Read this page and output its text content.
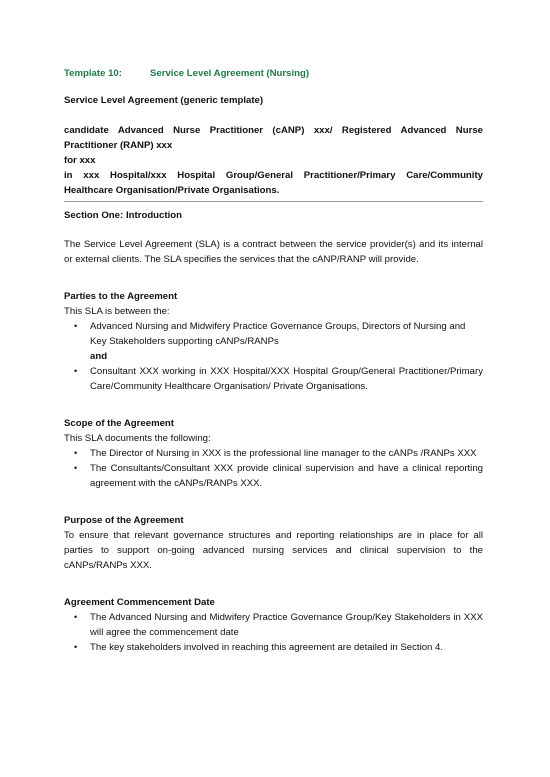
Template 10:	Service Level Agreement (Nursing)
Service Level Agreement (generic template)
candidate Advanced Nurse Practitioner (cANP) xxx/ Registered Advanced Nurse Practitioner (RANP) xxx
for xxx
in xxx Hospital/xxx Hospital Group/General Practitioner/Primary Care/Community Healthcare Organisation/Private Organisations.
Section One: Introduction
The Service Level Agreement (SLA) is a contract between the service provider(s) and its internal or external clients. The SLA specifies the services that the cANP/RANP will provide.
Parties to the Agreement
This SLA is between the:
• Advanced Nursing and Midwifery Practice Governance Groups, Directors of Nursing and Key Stakeholders supporting cANPs/RANPs
and
• Consultant XXX working in XXX Hospital/XXX Hospital Group/General Practitioner/Primary Care/Community Healthcare Organisation/ Private Organisations.
Scope of the Agreement
This SLA documents the following:
• The Director of Nursing in XXX is the professional line manager to the cANPs /RANPs XXX
• The Consultants/Consultant XXX provide clinical supervision and have a clinical reporting agreement with the cANPs/RANPs XXX.
Purpose of the Agreement
To ensure that relevant governance structures and reporting relationships are in place for all parties to support on-going advanced nursing services and clinical supervision to the cANPs/RANPs XXX.
Agreement Commencement Date
• The Advanced Nursing and Midwifery Practice Governance Group/Key Stakeholders in XXX will agree the commencement date
• The key stakeholders involved in reaching this agreement are detailed in Section 4.
